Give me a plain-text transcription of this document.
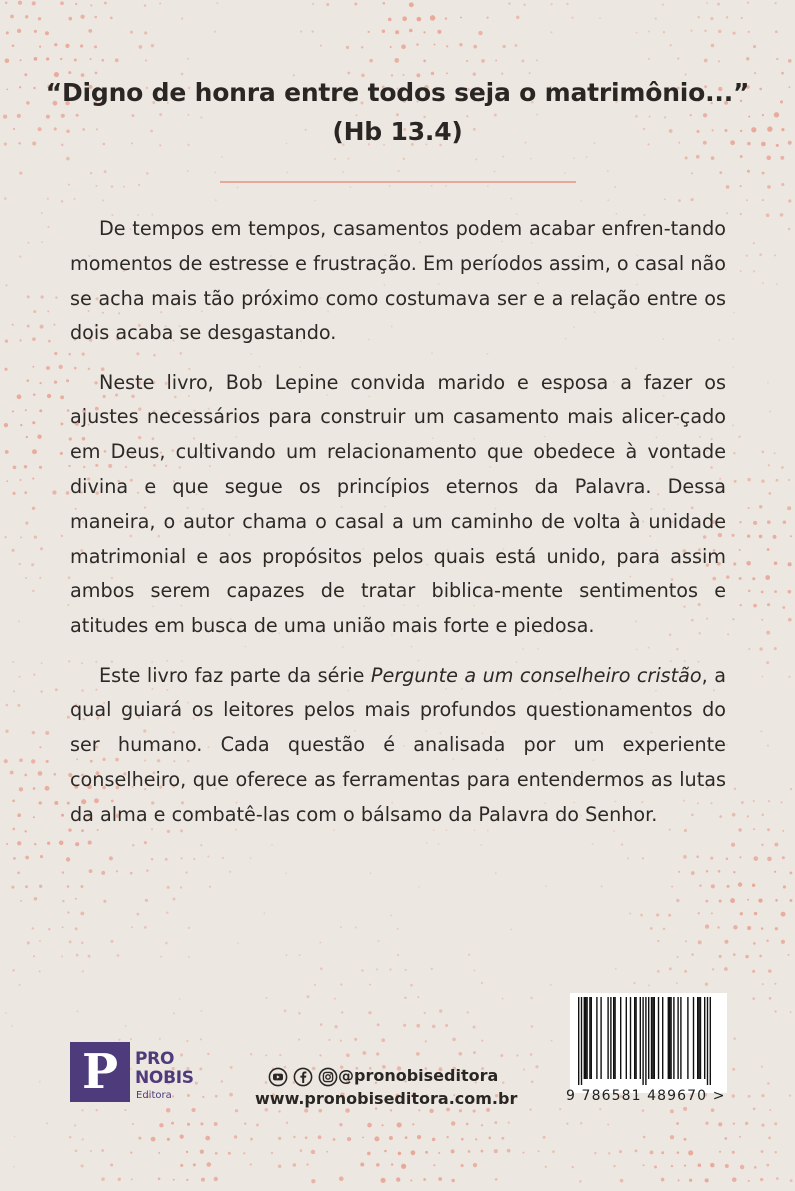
“Digno de honra entre todos seja o matrimônio...”
(Hb 13.4)

De tempos em tempos, casamentos podem acabar enfren-tando momentos de estresse e frustração. Em períodos assim, o casal não se acha mais tão próximo como costumava ser e a relação entre os dois acaba se desgastando.

Neste livro, Bob Lepine convida marido e esposa a fazer os ajustes necessários para construir um casamento mais alicer-çado em Deus, cultivando um relacionamento que obedece à vontade divina e que segue os princípios eternos da Palavra. Dessa maneira, o autor chama o casal a um caminho de volta à unidade matrimonial e aos propósitos pelos quais está unido, para assim ambos serem capazes de tratar biblica-mente sentimentos e atitudes em busca de uma união mais forte e piedosa.

Este livro faz parte da série Pergunte a um conselheiro cristão, a qual guiará os leitores pelos mais profundos questionamentos do ser humano. Cada questão é analisada por um experiente conselheiro, que oferece as ferramentas para entendermos as lutas da alma e combatê-las com o bálsamo da Palavra do Senhor.

P PRO
NOBIS
Editora

@pronobiseditora
www.pronobiseditora.com.br	9 786581 489670 >
